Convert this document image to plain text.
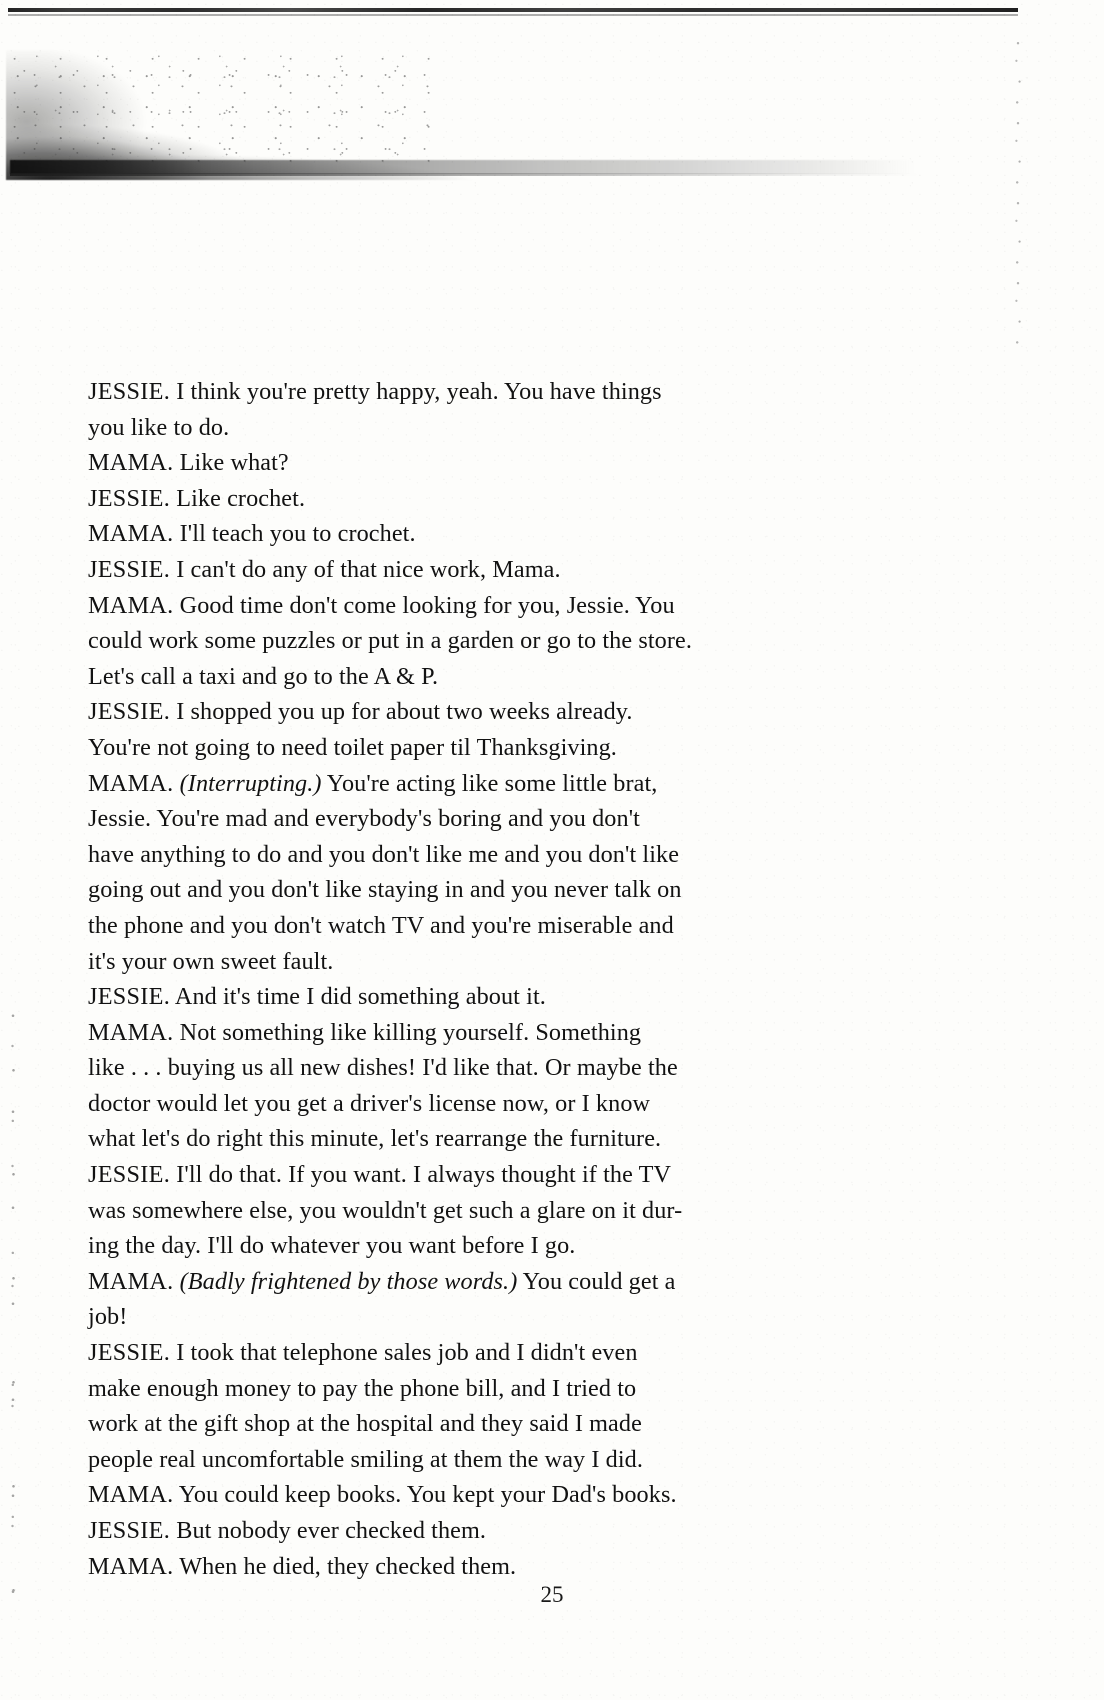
JESSIE. I think you're pretty happy, yeah. You have things
you like to do.
MAMA. Like what?
JESSIE. Like crochet.
MAMA. I'll teach you to crochet.
JESSIE. I can't do any of that nice work, Mama.
MAMA. Good time don't come looking for you, Jessie. You
could work some puzzles or put in a garden or go to the store.
Let's call a taxi and go to the A & P.
JESSIE. I shopped you up for about two weeks already.
You're not going to need toilet paper til Thanksgiving.
MAMA. (Interrupting.) You're acting like some little brat,
Jessie. You're mad and everybody's boring and you don't
have anything to do and you don't like me and you don't like
going out and you don't like staying in and you never talk on
the phone and you don't watch TV and you're miserable and
it's your own sweet fault.
JESSIE. And it's time I did something about it.
MAMA. Not something like killing yourself. Something
like . . . buying us all new dishes! I'd like that. Or maybe the
doctor would let you get a driver's license now, or I know
what let's do right this minute, let's rearrange the furniture.
JESSIE. I'll do that. If you want. I always thought if the TV
was somewhere else, you wouldn't get such a glare on it dur-
ing the day. I'll do whatever you want before I go.
MAMA. (Badly frightened by those words.) You could get a
job!
JESSIE. I took that telephone sales job and I didn't even
make enough money to pay the phone bill, and I tried to
work at the gift shop at the hospital and they said I made
people real uncomfortable smiling at them the way I did.
MAMA. You could keep books. You kept your Dad's books.
JESSIE. But nobody ever checked them.
MAMA. When he died, they checked them.
25
